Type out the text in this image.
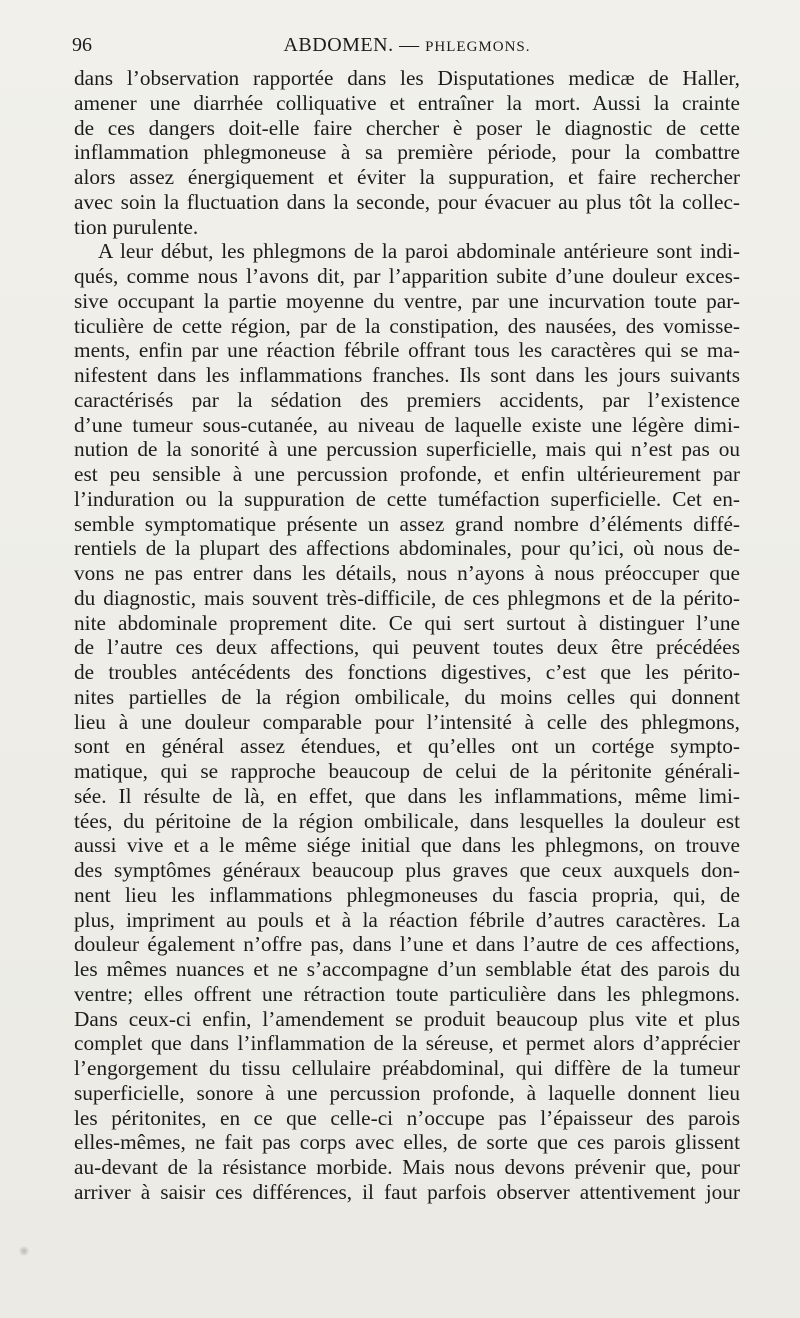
96	ABDOMEN. — PHLEGMONS.
dans l’observation rapportée dans les Disputationes medicæ de Haller,
amener une diarrhée colliquative et entraîner la mort. Aussi la crainte
de ces dangers doit-elle faire chercher è poser le diagnostic de cette
inflammation phlegmoneuse à sa première période, pour la combattre
alors assez énergiquement et éviter la suppuration, et faire rechercher
avec soin la fluctuation dans la seconde, pour évacuer au plus tôt la collec-
tion purulente.
A leur début, les phlegmons de la paroi abdominale antérieure sont indi-
qués, comme nous l’avons dit, par l’apparition subite d’une douleur exces-
sive occupant la partie moyenne du ventre, par une incurvation toute par-
ticulière de cette région, par de la constipation, des nausées, des vomisse-
ments, enfin par une réaction fébrile offrant tous les caractères qui se ma-
nifestent dans les inflammations franches. Ils sont dans les jours suivants
caractérisés par la sédation des premiers accidents, par l’existence
d’une tumeur sous-cutanée, au niveau de laquelle existe une légère dimi-
nution de la sonorité à une percussion superficielle, mais qui n’est pas ou
est peu sensible à une percussion profonde, et enfin ultérieurement par
l’induration ou la suppuration de cette tuméfaction superficielle. Cet en-
semble symptomatique présente un assez grand nombre d’éléments diffé-
rentiels de la plupart des affections abdominales, pour qu’ici, où nous de-
vons ne pas entrer dans les détails, nous n’ayons à nous préoccuper que
du diagnostic, mais souvent très-difficile, de ces phlegmons et de la périto-
nite abdominale proprement dite. Ce qui sert surtout à distinguer l’une
de l’autre ces deux affections, qui peuvent toutes deux être précédées
de troubles antécédents des fonctions digestives, c’est que les périto-
nites partielles de la région ombilicale, du moins celles qui donnent
lieu à une douleur comparable pour l’intensité à celle des phlegmons,
sont en général assez étendues, et qu’elles ont un cortége sympto-
matique, qui se rapproche beaucoup de celui de la péritonite générali-
sée. Il résulte de là, en effet, que dans les inflammations, même limi-
tées, du péritoine de la région ombilicale, dans lesquelles la douleur est
aussi vive et a le même siége initial que dans les phlegmons, on trouve
des symptômes généraux beaucoup plus graves que ceux auxquels don-
nent lieu les inflammations phlegmoneuses du fascia propria, qui, de
plus, impriment au pouls et à la réaction fébrile d’autres caractères. La
douleur également n’offre pas, dans l’une et dans l’autre de ces affections,
les mêmes nuances et ne s’accompagne d’un semblable état des parois du
ventre; elles offrent une rétraction toute particulière dans les phlegmons.
Dans ceux-ci enfin, l’amendement se produit beaucoup plus vite et plus
complet que dans l’inflammation de la séreuse, et permet alors d’apprécier
l’engorgement du tissu cellulaire préabdominal, qui diffère de la tumeur
superficielle, sonore à une percussion profonde, à laquelle donnent lieu
les péritonites, en ce que celle-ci n’occupe pas l’épaisseur des parois
elles-mêmes, ne fait pas corps avec elles, de sorte que ces parois glissent
au-devant de la résistance morbide. Mais nous devons prévenir que, pour
arriver à saisir ces différences, il faut parfois observer attentivement jour
